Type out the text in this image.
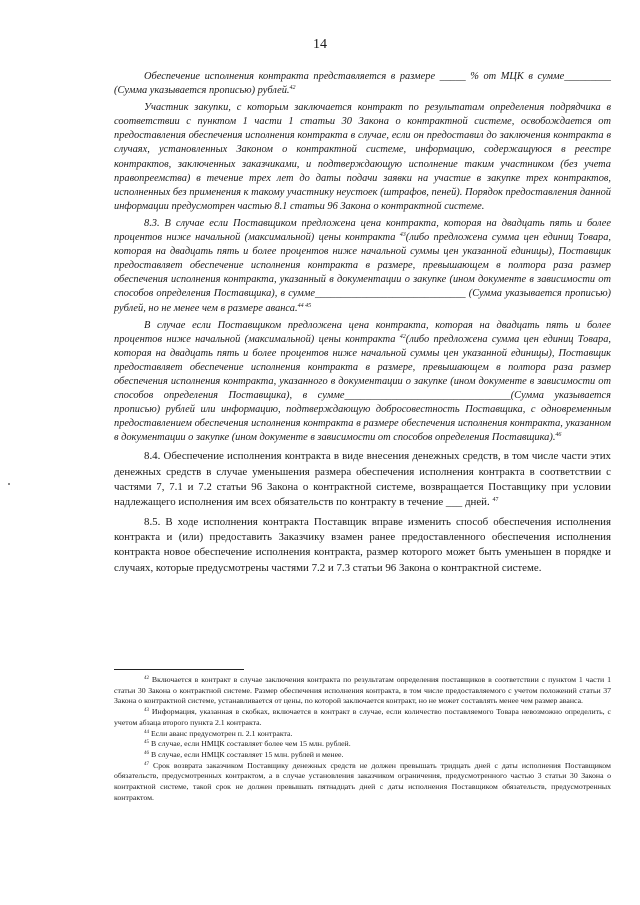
14

Обеспечение исполнения контракта представляется в размере _____ % от МЦК в сумме_________ (Сумма указывается прописью) рублей.$^{42}$

Участник закупки, с которым заключается контракт по результатам определения подрядчика в соответствии с пунктом 1 части 1 статьи 30 Закона о контрактной системе, освобождается от предоставления обеспечения исполнения контракта в случае, если он предоставил до заключения контракта в случаях, установленных Законом о контрактной системе, информацию, содержащуюся в реестре контрактов, заключенных заказчиками, и подтверждающую исполнение таким участником (без учета правопреемства) в течение трех лет до даты подачи заявки на участие в закупке трех контрактов, исполненных без применения к такому участнику неустоек (штрафов, пеней). Порядок предоставления данной информации предусмотрен частью 8.1 статьи 96 Закона о контрактной системе.

8.3. В случае если Поставщиком предложена цена контракта, которая на двадцать пять и более процентов ниже начальной (максимальной) цены контракта $^{43}$(либо предложена сумма цен единиц Товара, которая на двадцать пять и более процентов ниже начальной суммы цен указанной единицы), Поставщик предоставляет обеспечение исполнения контракта в размере, превышающем в полтора раза размер обеспечения исполнения контракта, указанный в документации о закупке (ином документе в зависимости от способов определения Поставщика), в сумме_____________________________ (Сумма указывается прописью) рублей, но не менее чем в размере аванса.$^{44 45}$

В случае если Поставщиком предложена цена контракта, которая на двадцать пять и более процентов ниже начальной (максимальной) цены контракта $^{42}$(либо предложена сумма цен единиц Товара, которая на двадцать пять и более процентов ниже начальной суммы цен указанной единицы), Поставщик предоставляет обеспечение исполнения контракта в размере, превышающем в полтора раза размер обеспечения исполнения контракта, указанного в документации о закупке (ином документе в зависимости от способов определения Поставщика), в сумме________________________________(Сумма указывается прописью) рублей или информацию, подтверждающую добросовестность Поставщика, с одновременным предоставлением обеспечения исполнения контракта в размере обеспечения исполнения контракта, указанном в документации о закупке (ином документе в зависимости от способов определения Поставщика).$^{46}$

8.4. Обеспечение исполнения контракта в виде внесения денежных средств, в том числе части этих денежных средств в случае уменьшения размера обеспечения исполнения контракта в соответствии с частями 7, 7.1 и 7.2 статьи 96 Закона о контрактной системе, возвращается Поставщику при условии надлежащего исполнения им всех обязательств по контракту в течение ___ дней. $^{47}$

8.5. В ходе исполнения контракта Поставщик вправе изменить способ обеспечения исполнения контракта и (или) предоставить Заказчику взамен ранее предоставленного обеспечения исполнения контракта новое обеспечение исполнения контракта, размер которого может быть уменьшен в порядке и случаях, которые предусмотрены частями 7.2 и 7.3 статьи 96 Закона о контрактной системе.

$^{42}$ Включается в контракт в случае заключения контракта по результатам определения поставщиков в соответствии с пунктом 1 части 1 статьи 30 Закона о контрактной системе. Размер обеспечения исполнения контракта, в том числе предоставляемого с учетом положений статьи 37 Закона о контрактной системе, устанавливается от цены, по которой заключается контракт, но не может составлять менее чем размер аванса.

$^{43}$ Информация, указанная в скобках, включается в контракт в случае, если количество поставляемого Товара невозможно определить, с учетом абзаца второго пункта 2.1 контракта.

$^{44}$ Если аванс предусмотрен п. 2.1 контракта.

$^{45}$ В случае, если НМЦК составляет более чем 15 млн. рублей.

$^{46}$ В случае, если НМЦК составляет 15 млн. рублей и менее.

$^{47}$ Срок возврата заказчиком Поставщику денежных средств не должен превышать тридцать дней с даты исполнения Поставщиком обязательств, предусмотренных контрактом, а в случае установления заказчиком ограничения, предусмотренного частью 3 статьи 30 Закона о контрактной системе, такой срок не должен превышать пятнадцать дней с даты исполнения Поставщиком обязательств, предусмотренных контрактом.
